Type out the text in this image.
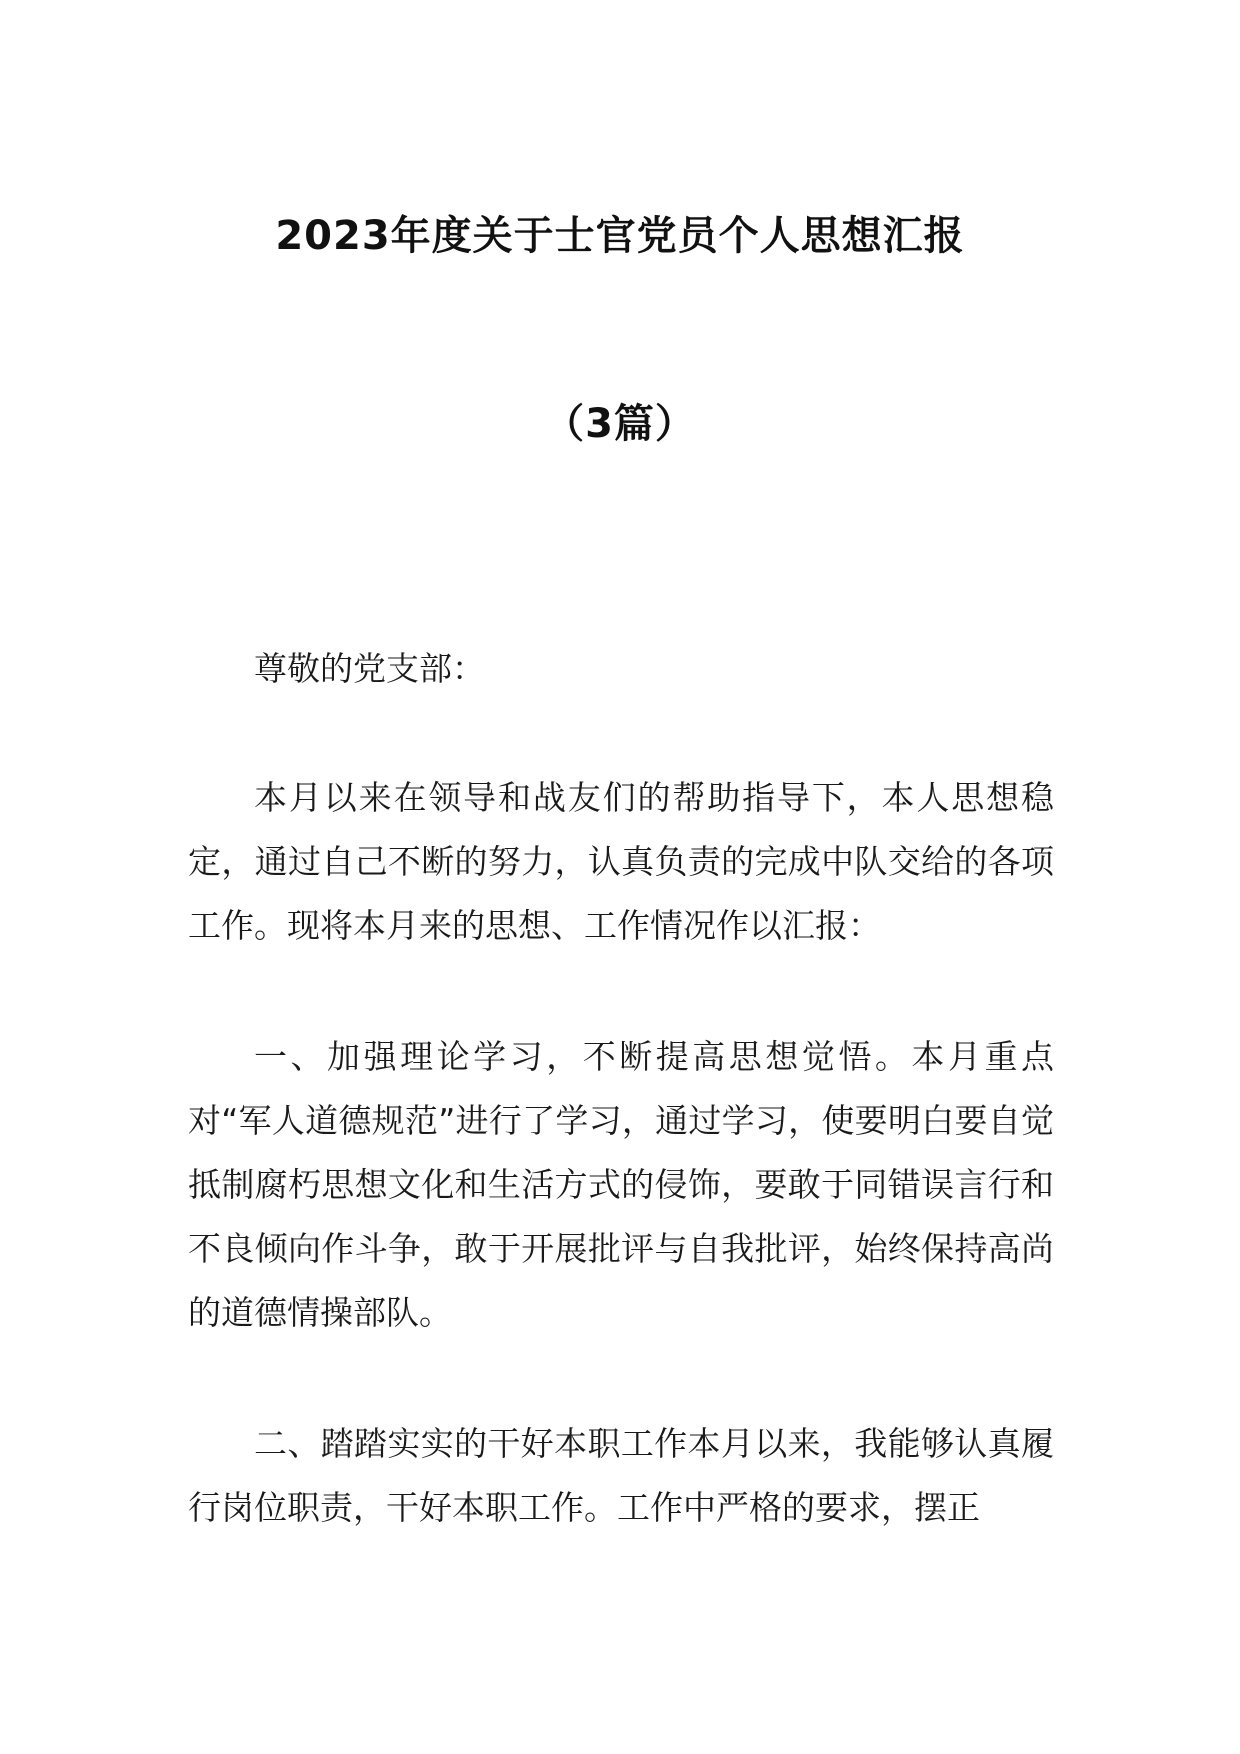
2023年度关于士官党员个人思想汇报
（3篇）

尊敬的党支部：

本月以来在领导和战友们的帮助指导下，本人思想稳定，通过自己不断的努力，认真负责的完成中队交给的各项工作。现将本月来的思想、工作情况作以汇报：

一、加强理论学习，不断提高思想觉悟。本月重点对“军人道德规范”进行了学习，通过学习，使要明白要自觉抵制腐朽思想文化和生活方式的侵饰，要敢于同错误言行和不良倾向作斗争，敢于开展批评与自我批评，始终保持高尚的道德情操部队。

二、踏踏实实的干好本职工作本月以来，我能够认真履行岗位职责，干好本职工作。工作中严格的要求，摆正
